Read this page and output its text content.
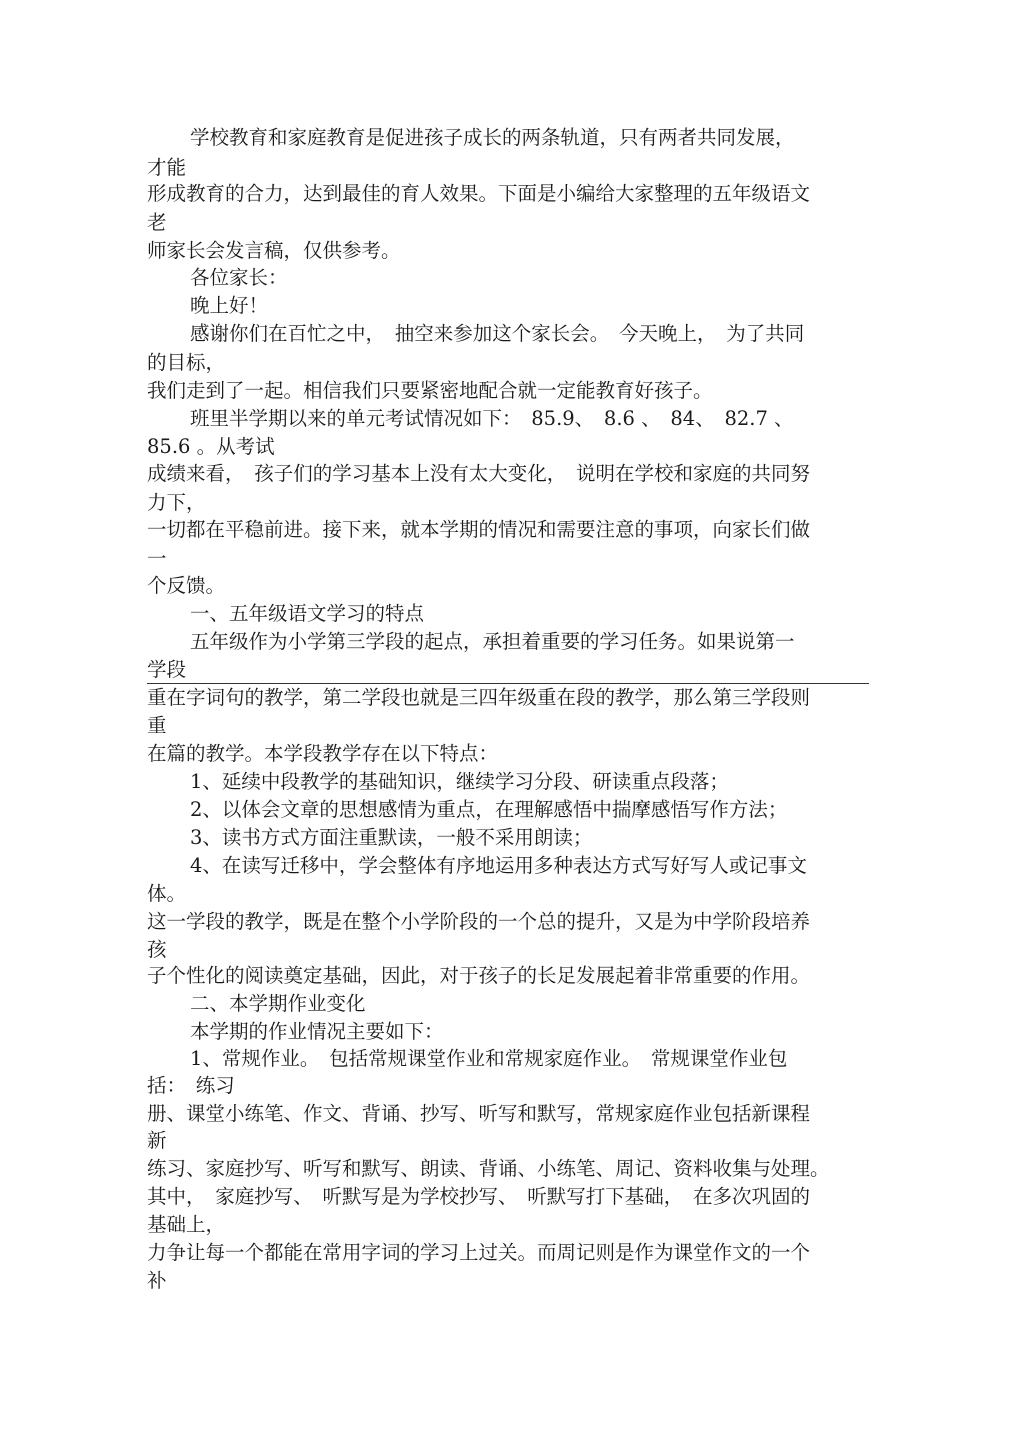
学校教育和家庭教育是促进孩子成长的两条轨道，只有两者共同发展，

才能

形成教育的合力，达到最佳的育人效果。下面是小编给大家整理的五年级语文

老

师家长会发言稿，仅供参考。

各位家长：

晚上好！

感谢你们在百忙之中，　抽空来参加这个家长会。　今天晚上，　为了共同

的目标，

我们走到了一起。相信我们只要紧密地配合就一定能教育好孩子。

班里半学期以来的单元考试情况如下：　85.9、　8.6 、　84、　82.7 、

85.6 。从考试

成绩来看，　孩子们的学习基本上没有太大变化，　说明在学校和家庭的共同努

力下，

一切都在平稳前进。接下来，就本学期的情况和需要注意的事项，向家长们做

一

个反馈。

一、五年级语文学习的特点

五年级作为小学第三学段的起点，承担着重要的学习任务。如果说第一

学段

重在字词句的教学，第二学段也就是三四年级重在段的教学，那么第三学段则

重

在篇的教学。本学段教学存在以下特点：

1、延续中段教学的基础知识，继续学习分段、研读重点段落；

2、以体会文章的思想感情为重点，在理解感悟中揣摩感悟写作方法；

3、读书方式方面注重默读，一般不采用朗读；

4、在读写迁移中，学会整体有序地运用多种表达方式写好写人或记事文

体。

这一学段的教学，既是在整个小学阶段的一个总的提升，又是为中学阶段培养

孩

子个性化的阅读奠定基础，因此，对于孩子的长足发展起着非常重要的作用。

二、本学期作业变化

本学期的作业情况主要如下：

1、常规作业。　包括常规课堂作业和常规家庭作业。　常规课堂作业包

括：　练习

册、课堂小练笔、作文、背诵、抄写、听写和默写，常规家庭作业包括新课程

新

练习、家庭抄写、听写和默写、朗读、背诵、小练笔、周记、资料收集与处理。

其中，　家庭抄写、　听默写是为学校抄写、　听默写打下基础，　在多次巩固的

基础上，

力争让每一个都能在常用字词的学习上过关。而周记则是作为课堂作文的一个

补
